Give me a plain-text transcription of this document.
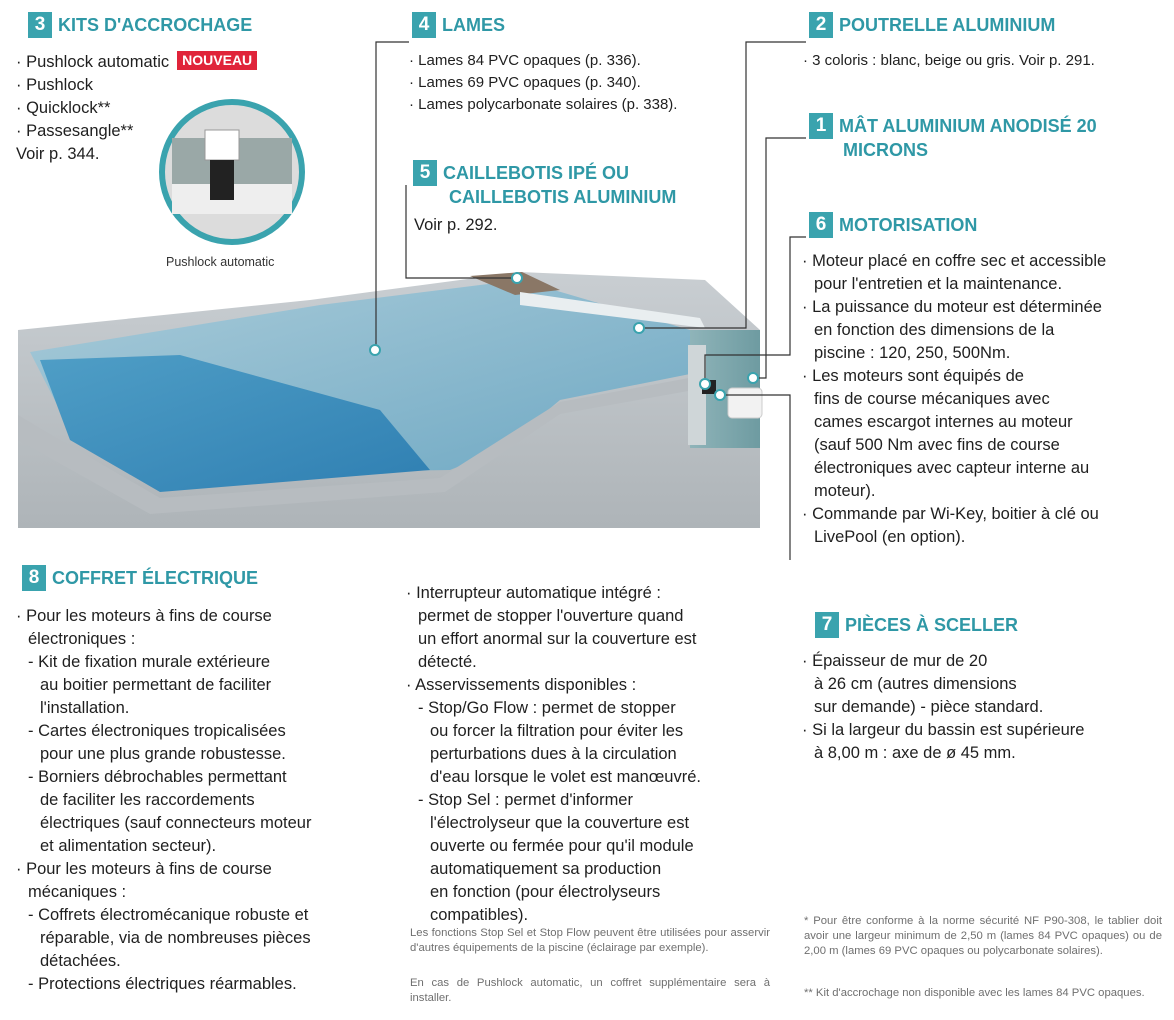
3 KITS D'ACCROCHAGE
· Pushlock automatic NOUVEAU
· Pushlock
· Quicklock**
· Passesangle**
Voir p. 344.
Pushlock automatic
4 LAMES
· Lames 84 PVC opaques (p. 336).
· Lames 69 PVC opaques (p. 340).
· Lames polycarbonate solaires (p. 338).
5 CAILLEBOTIS IPÉ OU
CAILLEBOTIS ALUMINIUM
Voir p. 292.
2 POUTRELLE ALUMINIUM
· 3 coloris : blanc, beige ou gris. Voir p. 291.
1 MÂT ALUMINIUM ANODISÉ 20
MICRONS
6 MOTORISATION
· Moteur placé en coffre sec et accessible
pour l'entretien et la maintenance.
· La puissance du moteur est déterminée
en fonction des dimensions de la
piscine : 120, 250, 500Nm.
· Les moteurs sont équipés de
fins de course mécaniques avec
cames escargot internes au moteur
(sauf 500 Nm avec fins de course
électroniques avec capteur interne au
moteur).
· Commande par Wi-Key, boitier à clé ou
LivePool (en option).
7 PIÈCES À SCELLER
· Épaisseur de mur de 20
à 26 cm (autres dimensions
sur demande) - pièce standard.
· Si la largeur du bassin est supérieure
à 8,00 m : axe de ø 45 mm.
8 COFFRET ÉLECTRIQUE
· Pour les moteurs à fins de course
électroniques :
- Kit de fixation murale extérieure
au boitier permettant de faciliter
l'installation.
- Cartes électroniques tropicalisées
pour une plus grande robustesse.
- Borniers débrochables permettant
de faciliter les raccordements
électriques (sauf connecteurs moteur
et alimentation secteur).
· Pour les moteurs à fins de course
mécaniques :
- Coffrets électromécanique robuste et
réparable, via de nombreuses pièces
détachées.
- Protections électriques réarmables.
· Interrupteur automatique intégré :
permet de stopper l'ouverture quand
un effort anormal sur la couverture est
détecté.
· Asservissements disponibles :
- Stop/Go Flow : permet de stopper
ou forcer la filtration pour éviter les
perturbations dues à la circulation
d'eau lorsque le volet est manœuvré.
- Stop Sel : permet d'informer
l'électrolyseur que la couverture est
ouverte ou fermée pour qu'il module
automatiquement sa production
en fonction (pour électrolyseurs
compatibles).
Les fonctions Stop Sel et Stop Flow peuvent être utilisées pour asservir d'autres équipements de la piscine (éclairage par exemple).
En cas de Pushlock automatic, un coffret supplémentaire sera à installer.
* Pour être conforme à la norme sécurité NF P90-308, le tablier doit avoir une largeur minimum de 2,50 m (lames 84 PVC opaques) ou de 2,00 m (lames 69 PVC opaques ou polycarbonate solaires).
** Kit d'accrochage non disponible avec les lames 84 PVC opaques.
